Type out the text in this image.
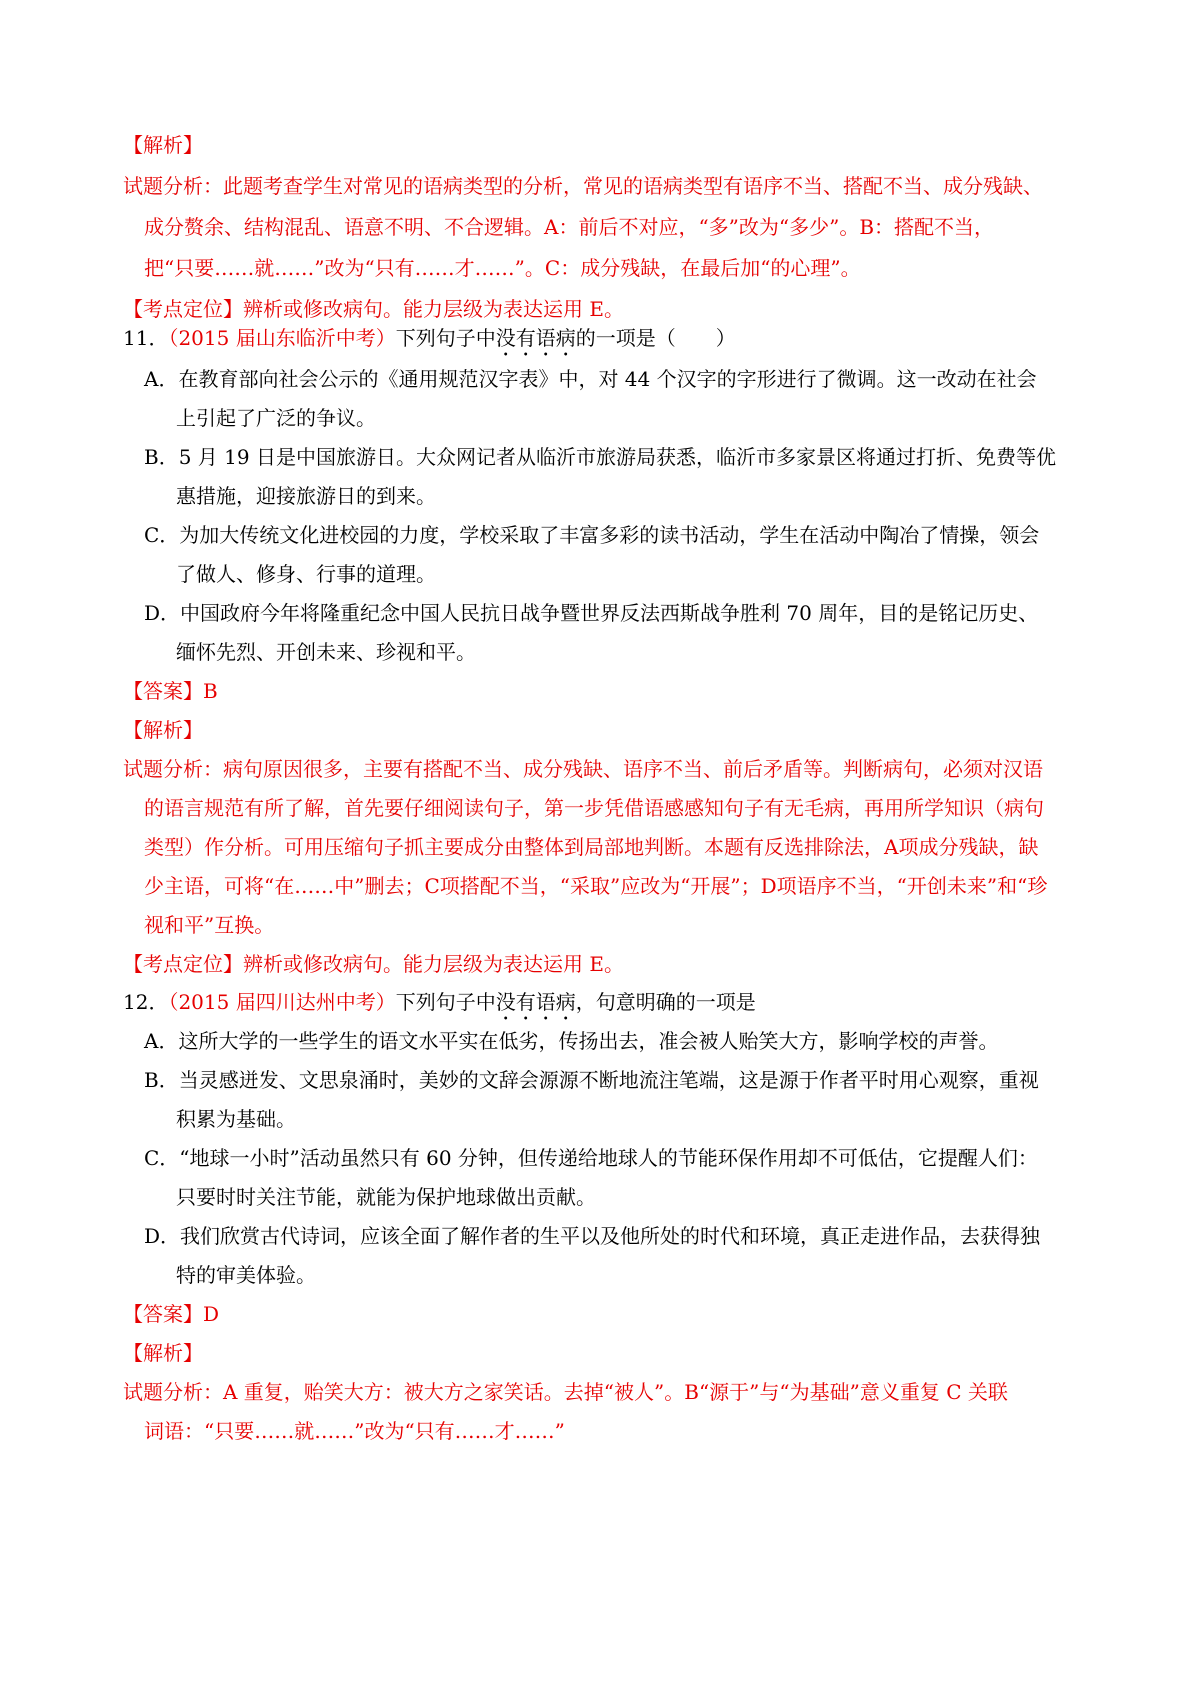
【解析】
试题分析：此题考查学生对常见的语病类型的分析，常见的语病类型有语序不当、搭配不当、成分残缺、
成分赘余、结构混乱、语意不明、不合逻辑。A：前后不对应，“多”改为“多少”。B：搭配不当，
把“只要……就……”改为“只有……才……”。C：成分残缺，在最后加“的心理”。
【考点定位】辨析或修改病句。能力层级为表达运用 E。
11．（2015 届山东临沂中考）下列句子中没有语病的一项是（　　）
A．在教育部向社会公示的《通用规范汉字表》中，对 44 个汉字的字形进行了微调。这一改动在社会
上引起了广泛的争议。
B．5 月 19 日是中国旅游日。大众网记者从临沂市旅游局获悉，临沂市多家景区将通过打折、免费等优
惠措施，迎接旅游日的到来。
C．为加大传统文化进校园的力度，学校采取了丰富多彩的读书活动，学生在活动中陶冶了情操，领会
了做人、修身、行事的道理。
D．中国政府今年将隆重纪念中国人民抗日战争暨世界反法西斯战争胜利 70 周年，目的是铭记历史、
缅怀先烈、开创未来、珍视和平。
【答案】B
【解析】
试题分析：病句原因很多，主要有搭配不当、成分残缺、语序不当、前后矛盾等。判断病句，必须对汉语
的语言规范有所了解，首先要仔细阅读句子，第一步凭借语感感知句子有无毛病，再用所学知识（病句
类型）作分析。可用压缩句子抓主要成分由整体到局部地判断。本题有反选排除法，A项成分残缺，缺
少主语，可将“在……中”删去；C项搭配不当，“采取”应改为“开展”；D项语序不当，“开创未来”和“珍
视和平”互换。
【考点定位】辨析或修改病句。能力层级为表达运用 E。
12．（2015 届四川达州中考）下列句子中没有语病，句意明确的一项是
A．这所大学的一些学生的语文水平实在低劣，传扬出去，准会被人贻笑大方，影响学校的声誉。
B．当灵感迸发、文思泉涌时，美妙的文辞会源源不断地流注笔端，这是源于作者平时用心观察，重视
积累为基础。
C．“地球一小时”活动虽然只有 60 分钟，但传递给地球人的节能环保作用却不可低估，它提醒人们：
只要时时关注节能，就能为保护地球做出贡献。
D．我们欣赏古代诗词，应该全面了解作者的生平以及他所处的时代和环境，真正走进作品，去获得独
特的审美体验。
【答案】D
【解析】
试题分析：A 重复，贻笑大方：被大方之家笑话。去掉“被人”。B“源于”与“为基础”意义重复 C 关联
词语：“只要……就……”改为“只有……才……”
